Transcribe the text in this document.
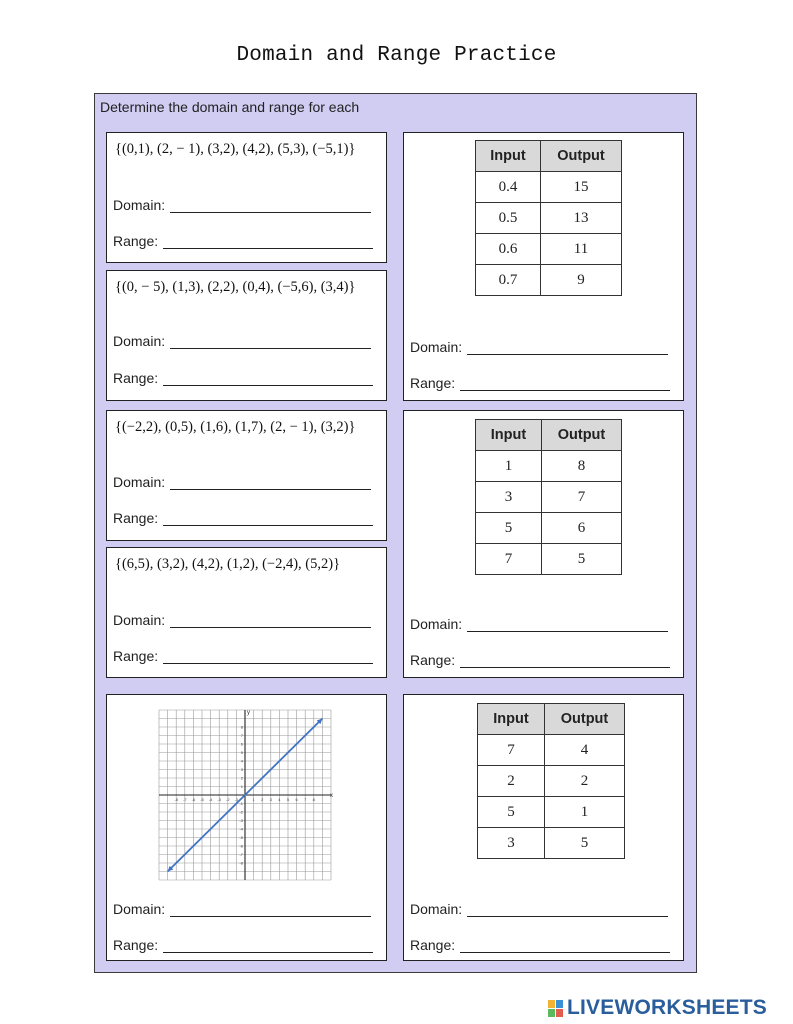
Domain and Range Practice
Determine the domain and range for each
{(0,1), (2, − 1), (3,2), (4,2), (5,3), (−5,1)}
Domain:
Range:
{(0, − 5), (1,3), (2,2), (0,4), (−5,6), (3,4)}
Domain:
Range:
{(−2,2), (0,5), (1,6), (1,7), (2, − 1), (3,2)}
Domain:
Range:
{(6,5), (3,2), (4,2), (1,2), (−2,4), (5,2)}
Domain:
Range:
Input	Output
0.4	15
0.5	13
0.6	11
0.7	9
Domain:
Range:
Input	Output
1	8
3	7
5	6
7	5
Domain:
Range:
-8 -7 -6 -5 -4 -3 -2 -1	1 2 3 4 5 6 7 8
-8
-7
-6
-5
-4
-3
-2
-1
1
2
3
4
5
6
7
8
x
y
Domain:
Range:
Input	Output
7	4
2	2
5	1
3	5
Domain:
Range:
LIVEWORKSHEETS
